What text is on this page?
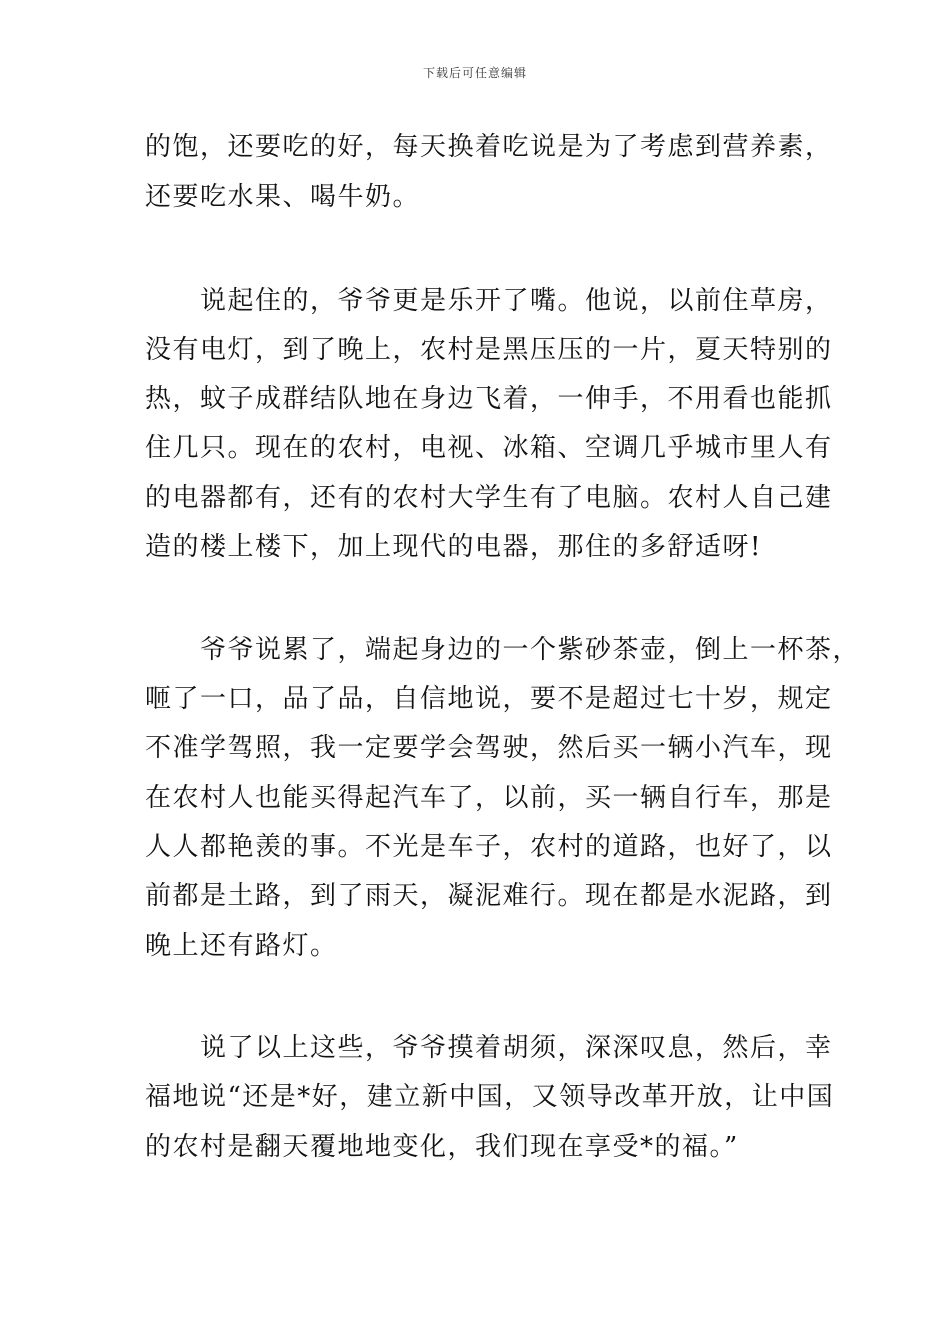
下载后可任意编辑
的饱，还要吃的好，每天换着吃说是为了考虑到营养素，
还要吃水果、喝牛奶。
说起住的，爷爷更是乐开了嘴。他说，以前住草房，
没有电灯，到了晚上，农村是黑压压的一片，夏天特别的
热，蚊子成群结队地在身边飞着，一伸手，不用看也能抓
住几只。现在的农村，电视、冰箱、空调几乎城市里人有
的电器都有，还有的农村大学生有了电脑。农村人自己建
造的楼上楼下，加上现代的电器，那住的多舒适呀!
爷爷说累了，端起身边的一个紫砂茶壶，倒上一杯茶，
咂了一口，品了品，自信地说，要不是超过七十岁，规定
不准学驾照，我一定要学会驾驶，然后买一辆小汽车，现
在农村人也能买得起汽车了，以前，买一辆自行车，那是
人人都艳羡的事。不光是车子，农村的道路，也好了，以
前都是土路，到了雨天，凝泥难行。现在都是水泥路，到
晚上还有路灯。
说了以上这些，爷爷摸着胡须，深深叹息，然后，幸
福地说“还是*好，建立新中国，又领导改革开放，让中国
的农村是翻天覆地地变化，我们现在享受*的福。”
